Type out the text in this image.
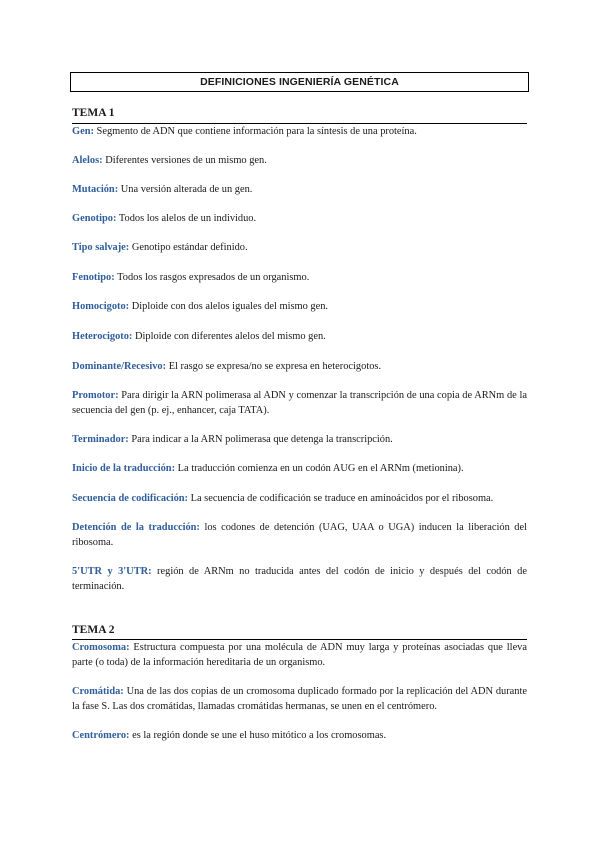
DEFINICIONES INGENIERÍA GENÉTICA
TEMA 1
Gen: Segmento de ADN que contiene información para la síntesis de una proteína.
Alelos: Diferentes versiones de un mismo gen.
Mutación: Una versión alterada de un gen.
Genotipo: Todos los alelos de un individuo.
Tipo salvaje: Genotipo estándar definido.
Fenotipo: Todos los rasgos expresados de un organismo.
Homocigoto: Diploide con dos alelos iguales del mismo gen.
Heterocigoto: Diploide con diferentes alelos del mismo gen.
Dominante/Recesivo: El rasgo se expresa/no se expresa en heterocigotos.
Promotor: Para dirigir la ARN polimerasa al ADN y comenzar la transcripción de una copia de ARNm de la secuencia del gen (p. ej., enhancer, caja TATA).
Terminador: Para indicar a la ARN polimerasa que detenga la transcripción.
Inicio de la traducción: La traducción comienza en un codón AUG en el ARNm (metionina).
Secuencia de codificación: La secuencia de codificación se traduce en aminoácidos por el ribosoma.
Detención de la traducción: los codones de detención (UAG, UAA o UGA) inducen la liberación del ribosoma.
5'UTR y 3'UTR: región de ARNm no traducida antes del codón de inicio y después del codón de terminación.
TEMA 2
Cromosoma: Estructura compuesta por una molécula de ADN muy larga y proteínas asociadas que lleva parte (o toda) de la información hereditaria de un organismo.
Cromátida: Una de las dos copias de un cromosoma duplicado formado por la replicación del ADN durante la fase S. Las dos cromátidas, llamadas cromátidas hermanas, se unen en el centrómero.
Centrómero: es la región donde se une el huso mitótico a los cromosomas.
